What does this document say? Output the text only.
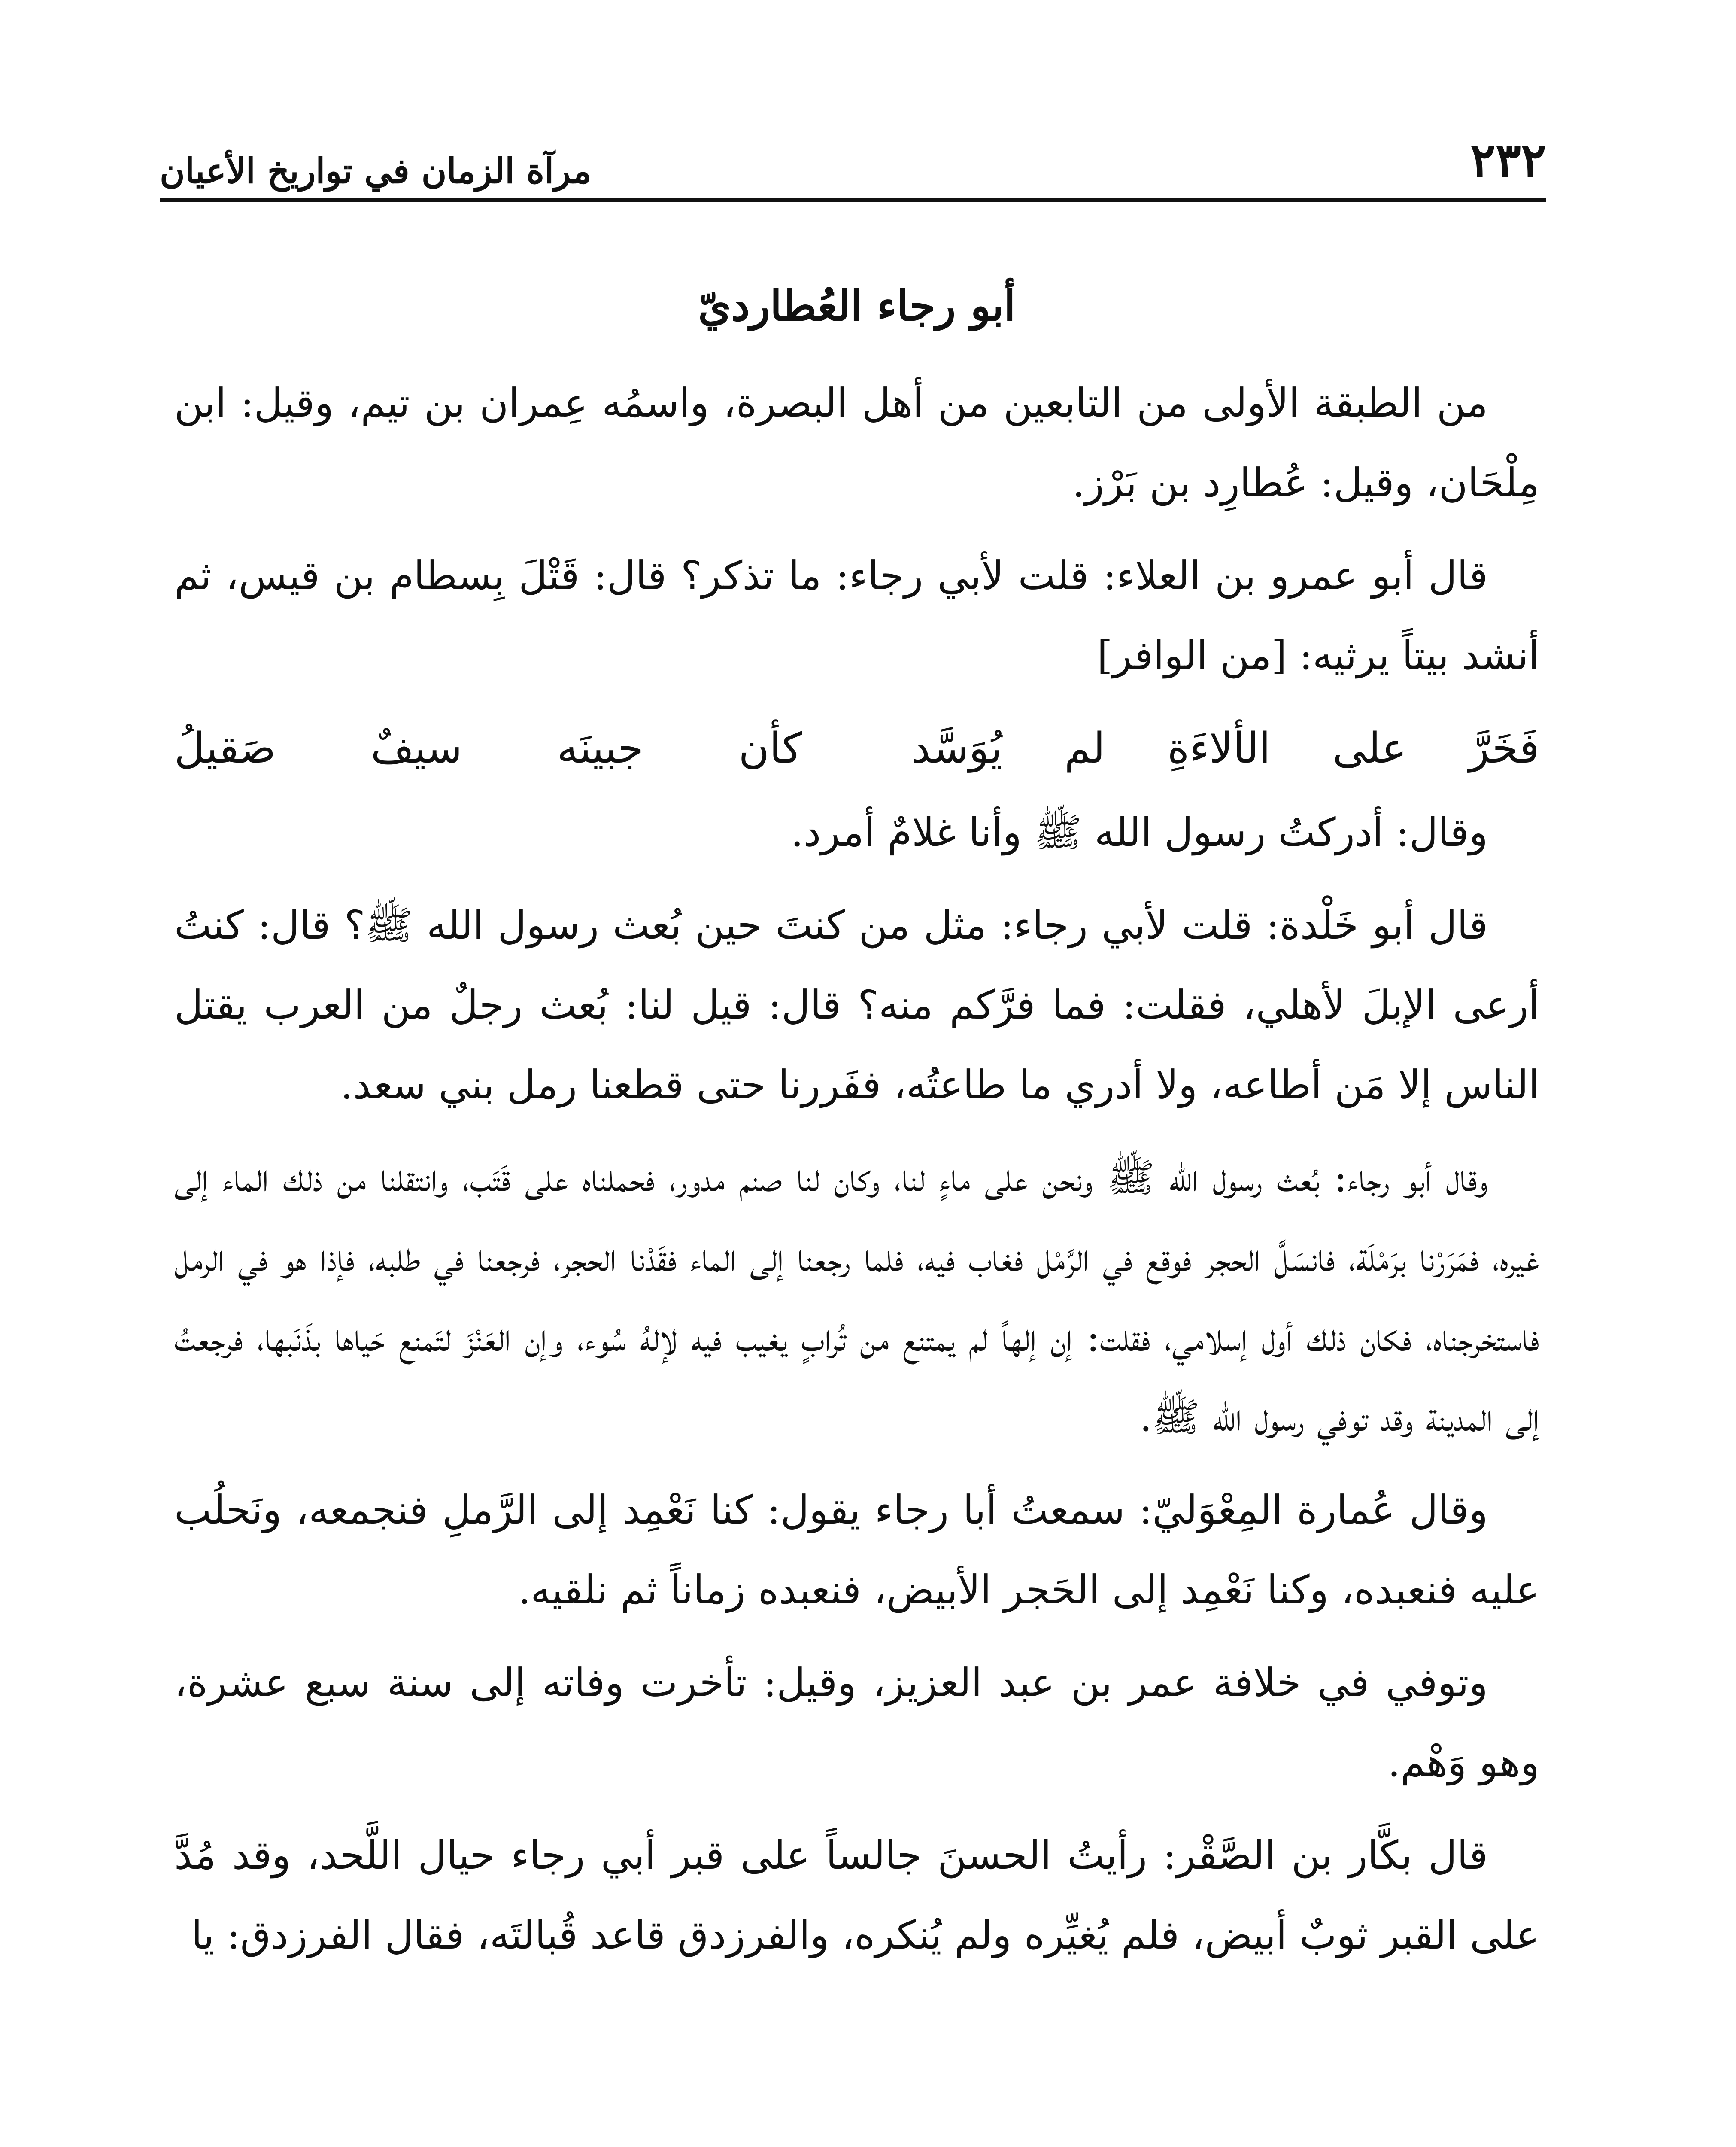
٢٣٢
مرآة الزمان في تواريخ الأعيان
أبو رجاء العُطارديّ

من الطبقة الأولى من التابعين من أهل البصرة، واسمُه عِمران بن تيم، وقيل: ابن مِلْحَان، وقيل: عُطارِد بن بَرْز.

قال أبو عمرو بن العلاء: قلت لأبي رجاء: ما تذكر؟ قال: قَتْلَ بِسطام بن قيس، ثم أنشد بيتاً يرثيه: [من الوافر]

فَخَرَّ على الألاءَةِ لم يُوَسَّد
كأن جبينَه سيفٌ صَقيلُ

وقال: أدركتُ رسول الله ﷺ وأنا غلامٌ أمرد.

قال أبو خَلْدة: قلت لأبي رجاء: مثل من كنتَ حين بُعث رسول الله ﷺ؟ قال: كنتُ أرعى الإبلَ لأهلي، فقلت: فما فرَّكم منه؟ قال: قيل لنا: بُعث رجلٌ من العرب يقتل الناس إلا مَن أطاعه، ولا أدري ما طاعتُه، ففَررنا حتى قطعنا رمل بني سعد.

وقال أبو رجاء: بُعث رسول الله ﷺ ونحن على ماءٍ لنا، وكان لنا صنم مدور، فحملناه على قَتَب، وانتقلنا من ذلك الماء إلى غيره، فمَرَرْنا برَمْلَة، فانسَلَّ الحجر فوقع في الرَّمْل فغاب فيه، فلما رجعنا إلى الماء فقَدْنا الحجر، فرجعنا في طلبه، فإذا هو في الرمل فاستخرجناه، فكان ذلك أول إسلامي، فقلت: إن إلهاً لم يمتنع من تُرابٍ يغيب فيه لإلهُ سُوء، وإن العَنْزَ لتَمنع حَياها بذَنَبها، فرجعتُ إلى المدينة وقد توفي رسول الله ﷺ.

وقال عُمارة المِعْوَليّ: سمعتُ أبا رجاء يقول: كنا نَعْمِد إلى الرَّملِ فنجمعه، ونَحلُب عليه فنعبده، وكنا نَعْمِد إلى الحَجر الأبيض، فنعبده زماناً ثم نلقيه.

وتوفي في خلافة عمر بن عبد العزيز، وقيل: تأخرت وفاته إلى سنة سبع عشرة، وهو وَهْم.

قال بكَّار بن الصَّقْر: رأيتُ الحسنَ جالساً على قبر أبي رجاء حيال اللَّحد، وقد مُدَّ على القبر ثوبٌ أبيض، فلم يُغيِّره ولم يُنكره، والفرزدق قاعد قُبالتَه، فقال الفرزدق: يا
